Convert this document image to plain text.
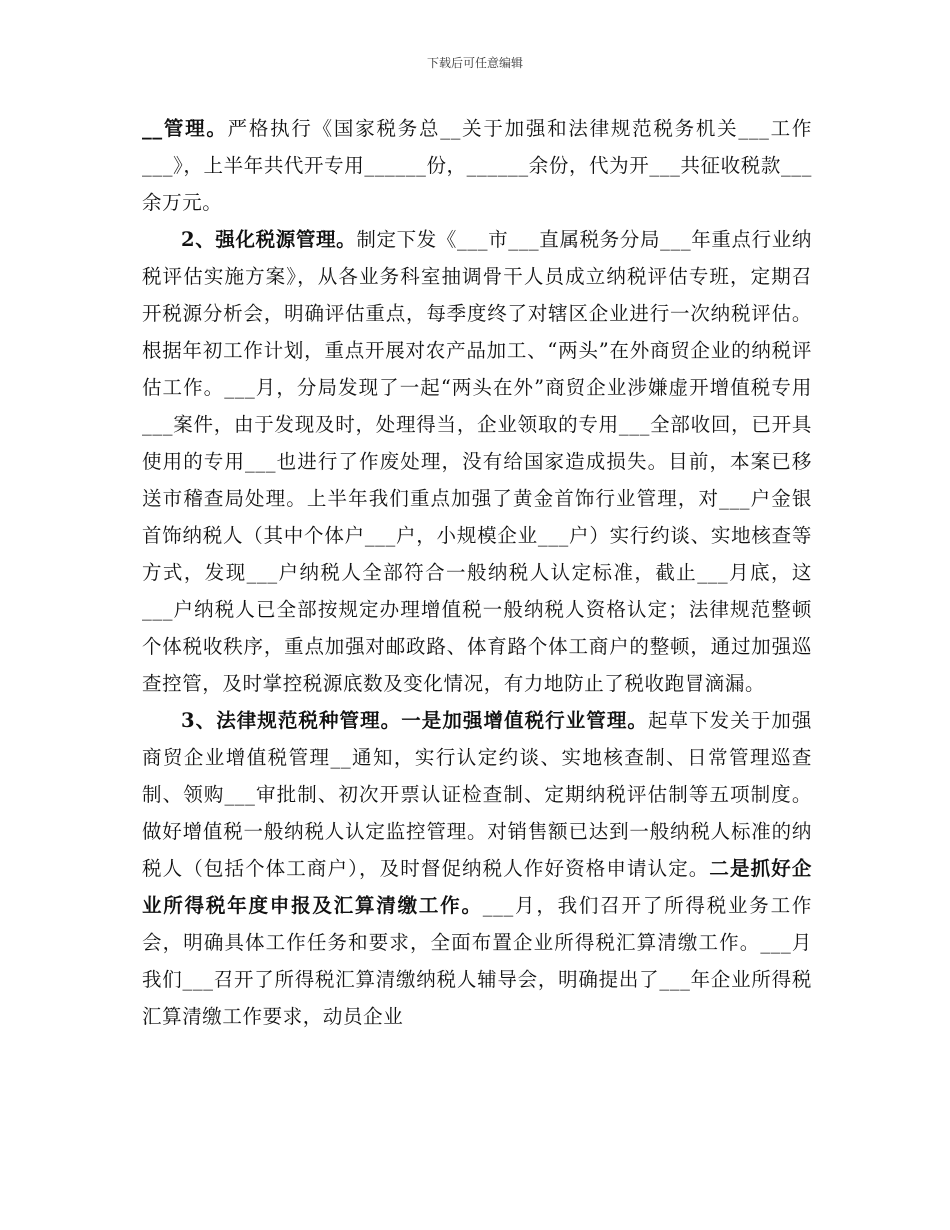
下载后可任意编辑

__管理。严格执行《国家税务总__关于加强和法律规范税务机关___工作___》，上半年共代开专用______份，______余份，代为开___共征收税款___余万元。

2、强化税源管理。制定下发《___市___直属税务分局___年重点行业纳税评估实施方案》，从各业务科室抽调骨干人员成立纳税评估专班，定期召开税源分析会，明确评估重点，每季度终了对辖区企业进行一次纳税评估。根据年初工作计划，重点开展对农产品加工、“两头”在外商贸企业的纳税评估工作。___月，分局发现了一起“两头在外”商贸企业涉嫌虚开增值税专用___案件，由于发现及时，处理得当，企业领取的专用___全部收回，已开具使用的专用___也进行了作废处理，没有给国家造成损失。目前，本案已移送市稽查局处理。上半年我们重点加强了黄金首饰行业管理，对___户金银首饰纳税人（其中个体户___户，小规模企业___户）实行约谈、实地核查等方式，发现___户纳税人全部符合一般纳税人认定标准，截止___月底，这___户纳税人已全部按规定办理增值税一般纳税人资格认定；法律规范整顿个体税收秩序，重点加强对邮政路、体育路个体工商户的整顿，通过加强巡查控管，及时掌控税源底数及变化情况，有力地防止了税收跑冒滴漏。

3、法律规范税种管理。一是加强增值税行业管理。起草下发关于加强商贸企业增值税管理__通知，实行认定约谈、实地核查制、日常管理巡查制、领购___审批制、初次开票认证检查制、定期纳税评估制等五项制度。做好增值税一般纳税人认定监控管理。对销售额已达到一般纳税人标准的纳税人（包括个体工商户），及时督促纳税人作好资格申请认定。二是抓好企业所得税年度申报及汇算清缴工作。___月，我们召开了所得税业务工作会，明确具体工作任务和要求，全面布置企业所得税汇算清缴工作。___月我们___召开了所得税汇算清缴纳税人辅导会，明确提出了___年企业所得税汇算清缴工作要求，动员企业
